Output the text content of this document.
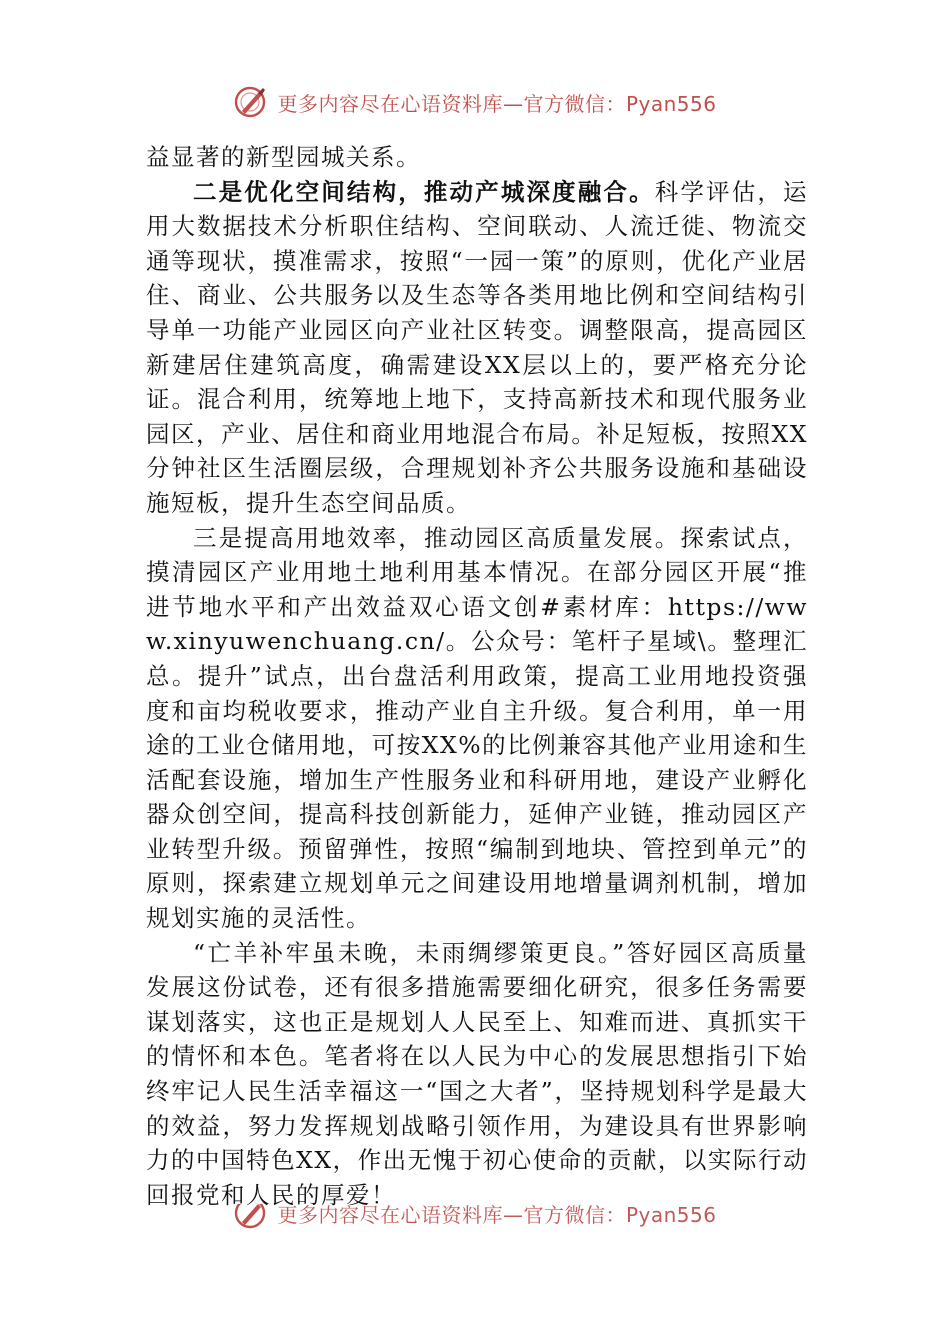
更多内容尽在心语资料库—官方微信：Pyan556

益显著的新型园城关系。

二是优化空间结构，推动产城深度融合。科学评估，运用大数据技术分析职住结构、空间联动、人流迁徙、物流交通等现状，摸准需求，按照“一园一策”的原则，优化产业居住、商业、公共服务以及生态等各类用地比例和空间结构引导单一功能产业园区向产业社区转变。调整限高，提高园区新建居住建筑高度，确需建设XX层以上的，要严格充分论证。混合利用，统筹地上地下，支持高新技术和现代服务业园区，产业、居住和商业用地混合布局。补足短板，按照XX分钟社区生活圈层级，合理规划补齐公共服务设施和基础设施短板，提升生态空间品质。

三是提高用地效率，推动园区高质量发展。探索试点，摸清园区产业用地土地利用基本情况。在部分园区开展“推进节地水平和产出效益双心语文创#素材库：https://www.xinyuwenchuang.cn/。公众号：笔杆子星域\。整理汇总。提升”试点，出台盘活利用政策，提高工业用地投资强度和亩均税收要求，推动产业自主升级。复合利用，单一用途的工业仓储用地，可按XX%的比例兼容其他产业用途和生活配套设施，增加生产性服务业和科研用地，建设产业孵化器众创空间，提高科技创新能力，延伸产业链，推动园区产业转型升级。预留弹性，按照“编制到地块、管控到单元”的原则，探索建立规划单元之间建设用地增量调剂机制，增加规划实施的灵活性。

“亡羊补牢虽未晚，未雨绸缪策更良。”答好园区高质量发展这份试卷，还有很多措施需要细化研究，很多任务需要谋划落实，这也正是规划人人民至上、知难而进、真抓实干的情怀和本色。笔者将在以人民为中心的发展思想指引下始终牢记人民生活幸福这一“国之大者”，坚持规划科学是最大的效益，努力发挥规划战略引领作用，为建设具有世界影响力的中国特色XX，作出无愧于初心使命的贡献，以实际行动回报党和人民的厚爱！

更多内容尽在心语资料库—官方微信：Pyan556
